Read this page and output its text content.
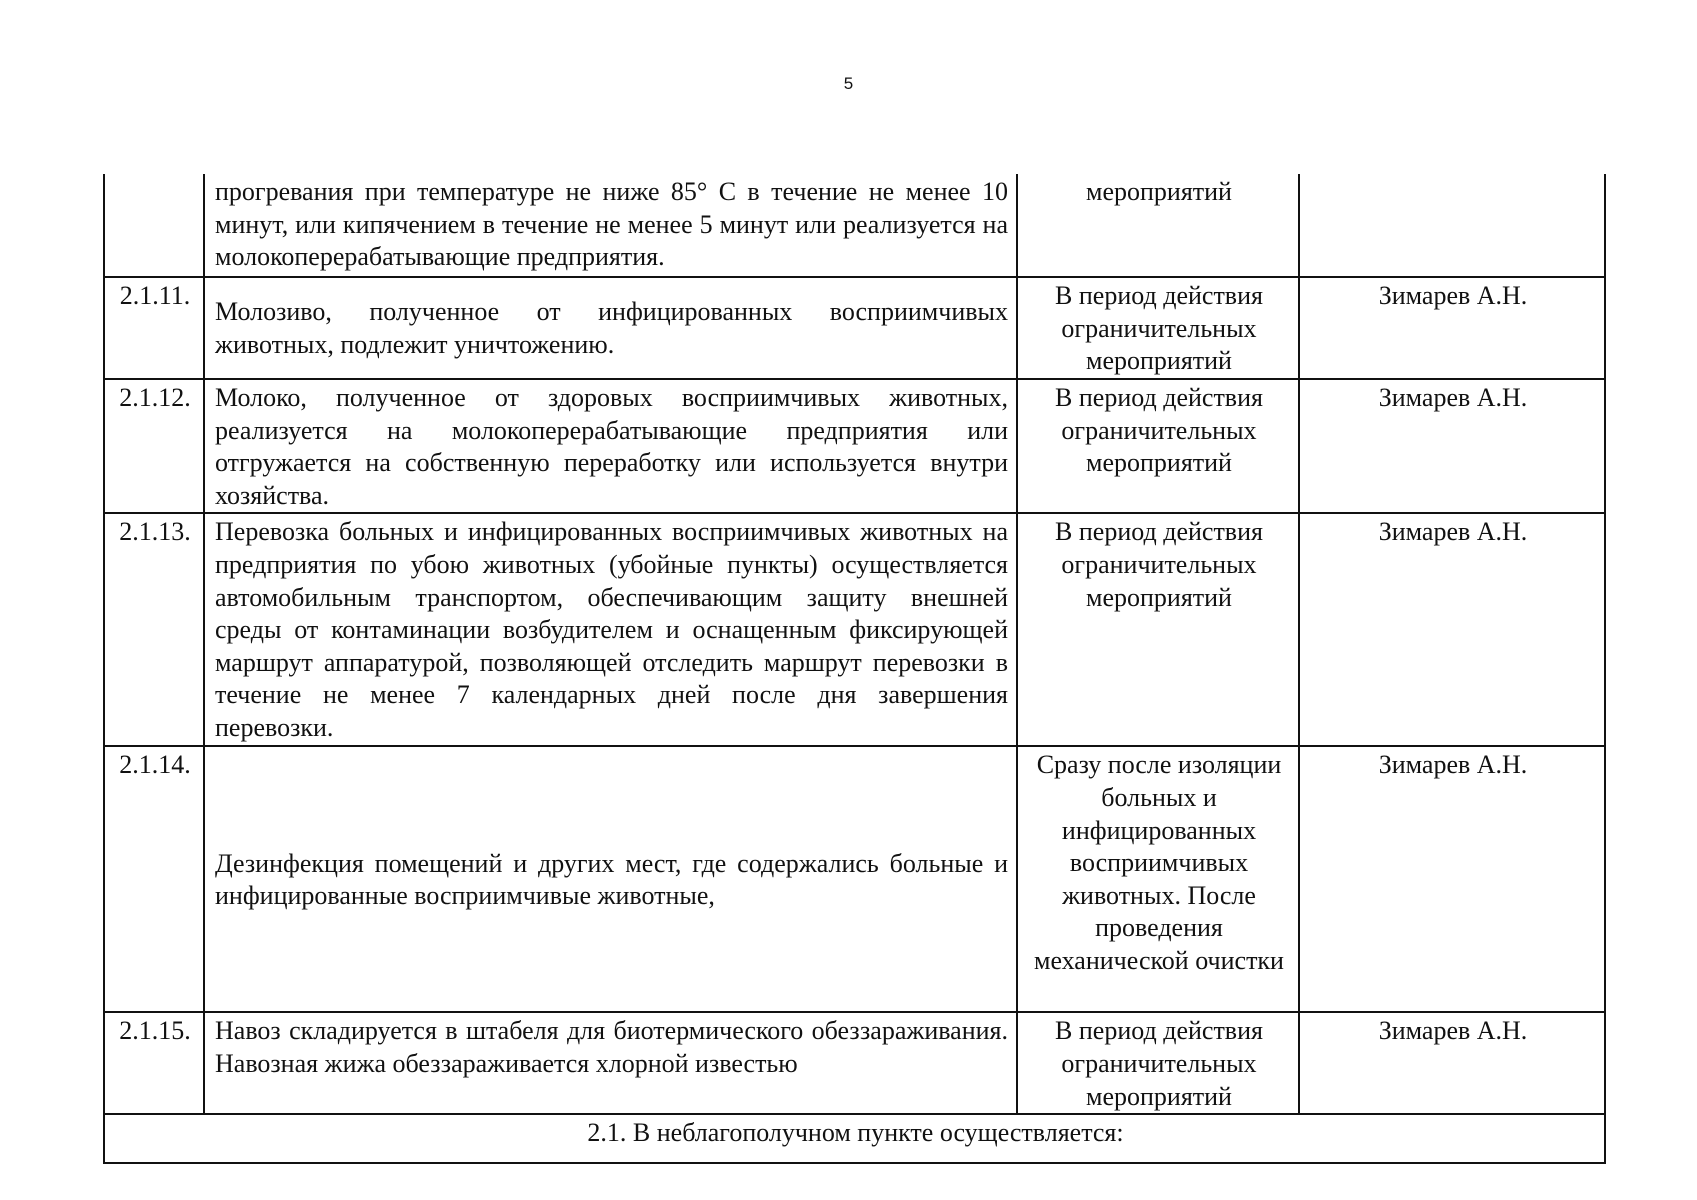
5
	прогревания при температуре не ниже 85° С в течение не менее 10 минут, или кипячением в течение не менее 5 минут или реализуется на молокоперерабатывающие предприятия.	мероприятий	
2.1.11.	Молозиво, полученное от инфицированных восприимчивых животных, подлежит уничтожению.	В период действия ограничительных мероприятий	Зимарев А.Н.
2.1.12.	Молоко, полученное от здоровых восприимчивых животных, реализуется на молокоперерабатывающие предприятия или отгружается на собственную переработку или используется внутри хозяйства.	В период действия ограничительных мероприятий	Зимарев А.Н.
2.1.13.	Перевозка больных и инфицированных восприимчивых животных на предприятия по убою животных (убойные пункты) осуществляется автомобильным транспортом, обеспечивающим защиту внешней среды от контаминации возбудителем и оснащенным фиксирующей маршрут аппаратурой, позволяющей отследить маршрут перевозки в течение не менее 7 календарных дней после дня завершения перевозки.	В период действия ограничительных мероприятий	Зимарев А.Н.
2.1.14.	Дезинфекция помещений и других мест, где содержались больные и инфицированные восприимчивые животные,	Сразу после изоляции больных и инфицированных восприимчивых животных. После проведения механической очистки	Зимарев А.Н.
2.1.15.	Навоз складируется в штабеля для биотермического обеззараживания. Навозная жижа обеззараживается хлорной известью	В период действия ограничительных мероприятий	Зимарев А.Н.
2.1. В неблагополучном пункте осуществляется:			
